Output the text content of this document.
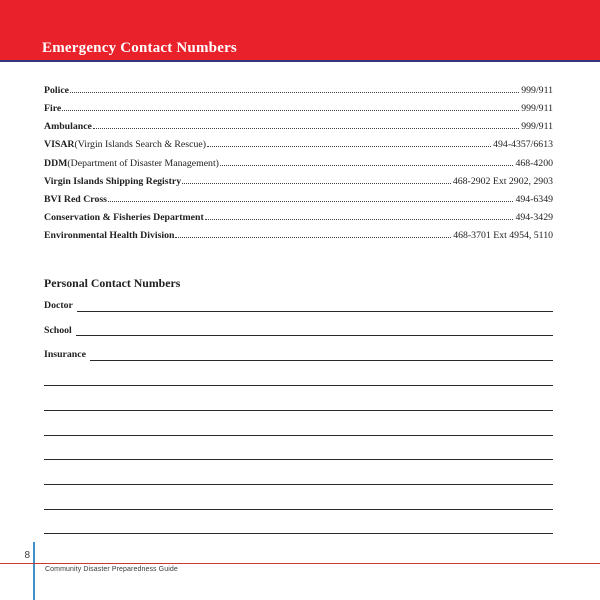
Emergency Contact Numbers
Police	999/911
Fire	999/911
Ambulance	999/911
VISAR (Virgin Islands Search & Rescue)	494-4357/6613
DDM (Department of Disaster Management)	468-4200
Virgin Islands Shipping Registry	468-2902 Ext 2902, 2903
BVI Red Cross	494-6349
Conservation & Fisheries Department	494-3429
Environmental Health Division	468-3701 Ext 4954, 5110
Personal Contact Numbers
Doctor
School
Insurance
8
Community Disaster Preparedness Guide
